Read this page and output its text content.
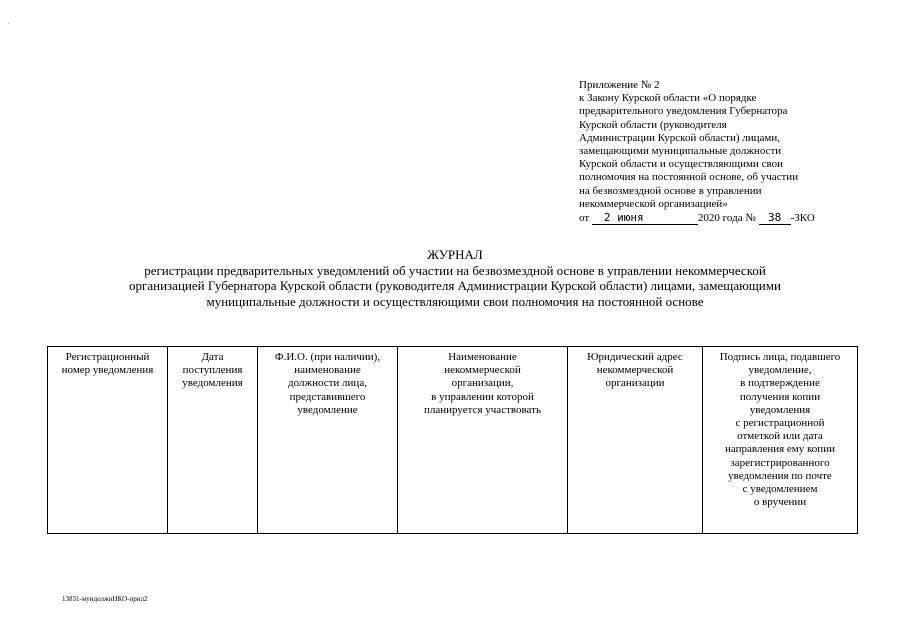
.
Приложение № 2
к Закону Курской области «О порядке
предварительного уведомления Губернатора
Курской области (руководителя
Администрации Курской области) лицами,
замещающими муниципальные должности
Курской области и осуществляющими свои
полномочия на постоянной основе, об участии
на безвозмездной основе в управлении
некоммерческой организацией»
от 2 июня	2020 года № 38 -ЗКО
ЖУРНАЛ
регистрации предварительных уведомлений об участии на безвозмездной основе в управлении некоммерческой
организацией Губернатора Курской области (руководителя Администрации Курской области) лицами, замещающими
муниципальные должности и осуществляющими свои полномочия на постоянной основе
Регистрационный
номер уведомления

Дата
поступления
уведомления

Ф.И.О. (при наличии),
наименование
должности лица,
представившего
уведомление

Наименование
некоммерческой
организации,
в управлении которой
планируется участвовать

Юридический адрес
некоммерческой
организации

Подпись лица, подавшего
уведомление,
в подтверждение
получения копии
уведомления
с регистрационной
отметкой или дата
направления ему копии
зарегистрированного
уведомления по почте
с уведомлением
о вручении
13831-мундолжнНКО-прил2
